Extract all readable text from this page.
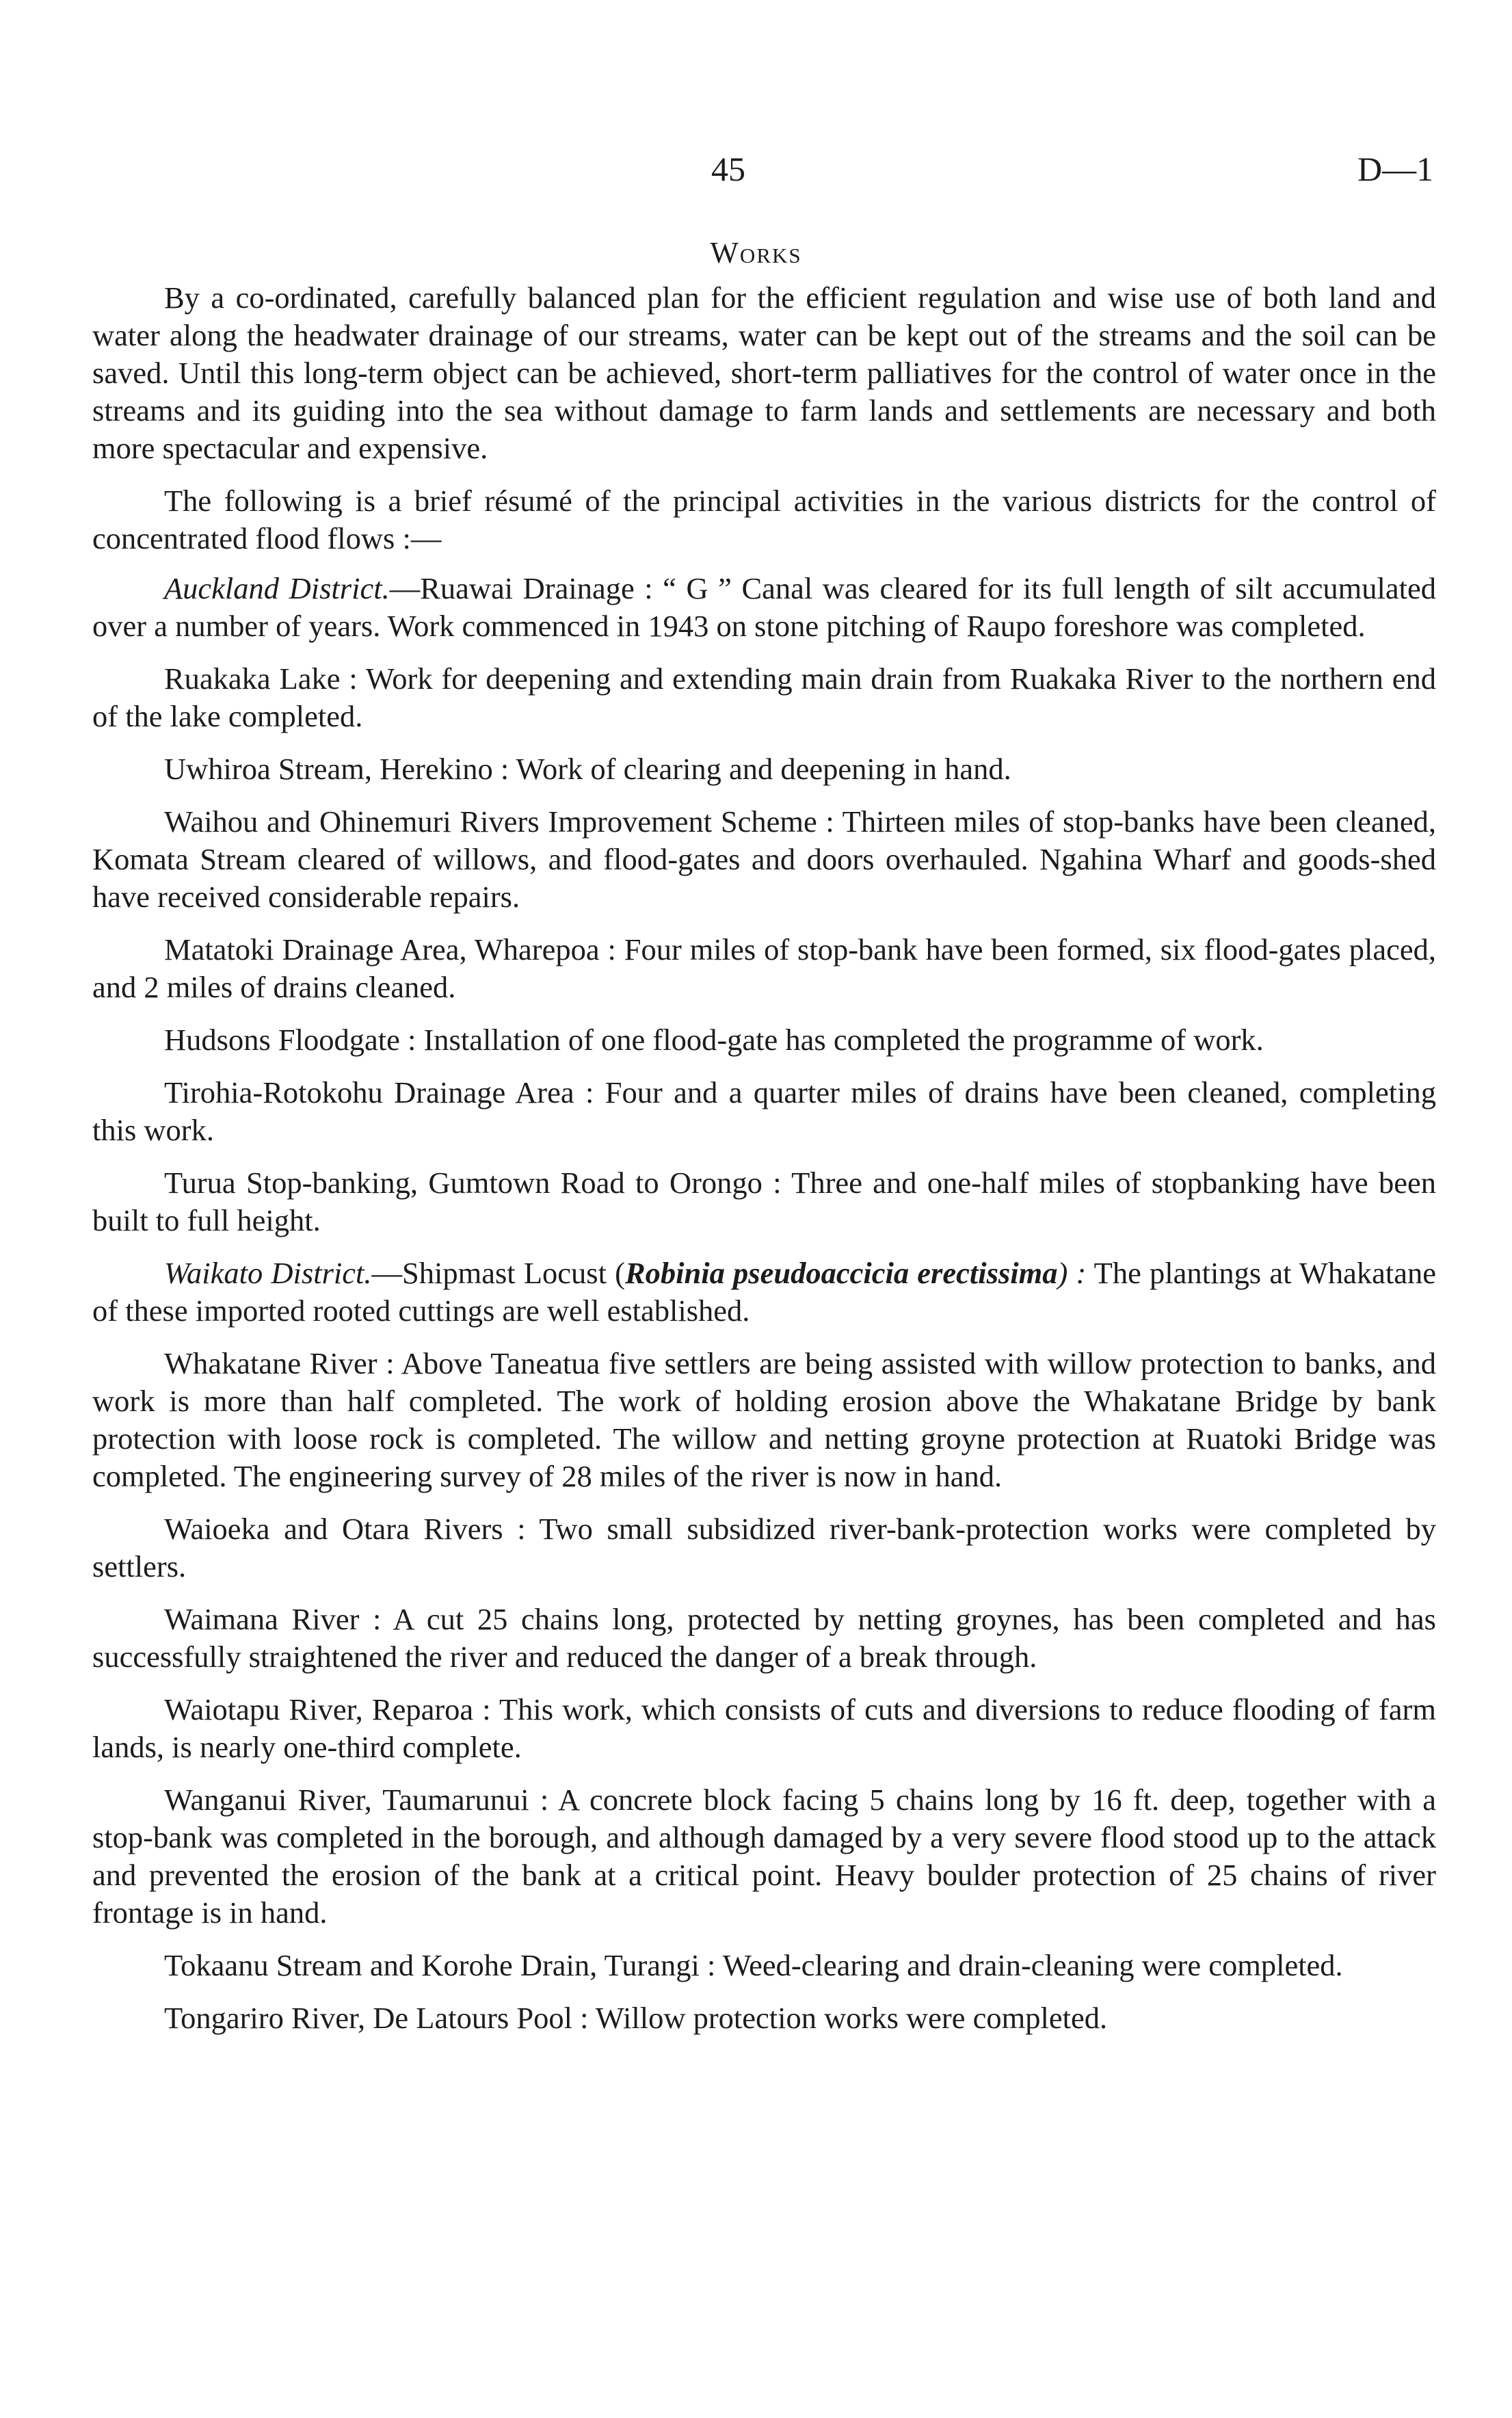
45	D—1
Works

By a co-ordinated, carefully balanced plan for the efficient regulation and wise use of both land and water along the headwater drainage of our streams, water can be kept out of the streams and the soil can be saved. Until this long-term object can be achieved, short-term palliatives for the control of water once in the streams and its guiding into the sea without damage to farm lands and settlements are necessary and both more spectacular and expensive.

The following is a brief résumé of the principal activities in the various districts for the control of concentrated flood flows :—

Auckland District.—Ruawai Drainage : “ G ” Canal was cleared for its full length of silt accumulated over a number of years. Work commenced in 1943 on stone pitching of Raupo foreshore was completed.

Ruakaka Lake : Work for deepening and extending main drain from Ruakaka River to the northern end of the lake completed.

Uwhiroa Stream, Herekino : Work of clearing and deepening in hand.

Waihou and Ohinemuri Rivers Improvement Scheme : Thirteen miles of stop-banks have been cleaned, Komata Stream cleared of willows, and flood-gates and doors overhauled. Ngahina Wharf and goods-shed have received considerable repairs.

Matatoki Drainage Area, Wharepoa : Four miles of stop-bank have been formed, six flood-gates placed, and 2 miles of drains cleaned.

Hudsons Floodgate : Installation of one flood-gate has completed the programme of work.

Tirohia-Rotokohu Drainage Area : Four and a quarter miles of drains have been cleaned, completing this work.

Turua Stop-banking, Gumtown Road to Orongo : Three and one-half miles of stopbanking have been built to full height.

Waikato District.—Shipmast Locust (Robinia pseudoaccicia erectissima) : The plantings at Whakatane of these imported rooted cuttings are well established.

Whakatane River : Above Taneatua five settlers are being assisted with willow protection to banks, and work is more than half completed. The work of holding erosion above the Whakatane Bridge by bank protection with loose rock is completed. The willow and netting groyne protection at Ruatoki Bridge was completed. The engineering survey of 28 miles of the river is now in hand.

Waioeka and Otara Rivers : Two small subsidized river-bank-protection works were completed by settlers.

Waimana River : A cut 25 chains long, protected by netting groynes, has been completed and has successfully straightened the river and reduced the danger of a break through.

Waiotapu River, Reparoa : This work, which consists of cuts and diversions to reduce flooding of farm lands, is nearly one-third complete.

Wanganui River, Taumarunui : A concrete block facing 5 chains long by 16 ft. deep, together with a stop-bank was completed in the borough, and although damaged by a very severe flood stood up to the attack and prevented the erosion of the bank at a critical point. Heavy boulder protection of 25 chains of river frontage is in hand.

Tokaanu Stream and Korohe Drain, Turangi : Weed-clearing and drain-cleaning were completed.

Tongariro River, De Latours Pool : Willow protection works were completed.
